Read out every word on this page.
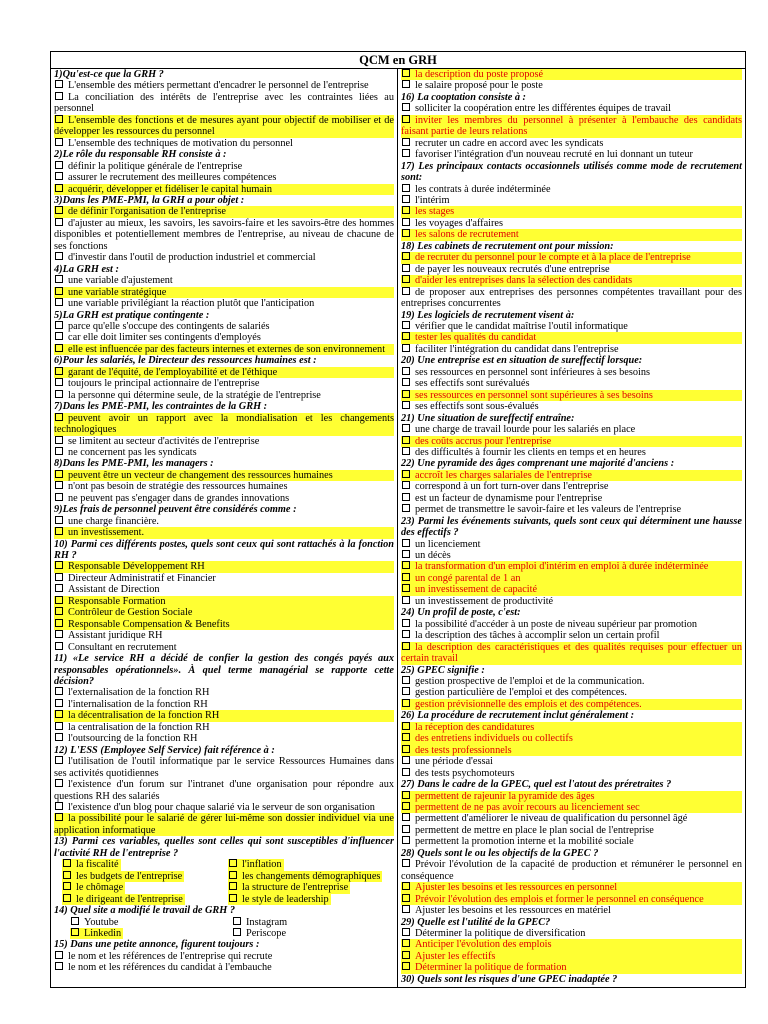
QCM en GRH
1)Qu'est-ce que la GRH ?
L'ensemble des métiers permettant d'encadrer le personnel de l'entreprise
La conciliation des intérêts de l'entreprise avec les contraintes liées au personnel
L'ensemble des fonctions et de mesures ayant pour objectif de mobiliser et de développer les ressources du personnel
L'ensemble des techniques de motivation du personnel
2)Le rôle du responsable RH consiste à :
définir la politique générale de l'entreprise
assurer le recrutement des meilleures compétences
acquérir, développer et fidéliser le capital humain
3)Dans les PME-PMI, la GRH a pour objet :
de définir l'organisation de l'entreprise
d'ajuster au mieux, les savoirs, les savoirs-faire et les savoirs-être des hommes disponibles et potentiellement membres de l'entreprise, au niveau de chacune de ses fonctions
d'investir dans l'outil de production industriel et commercial
4)La GRH est :
une variable d'ajustement
une variable stratégique
une variable privilégiant la réaction plutôt que l'anticipation
5)La GRH est pratique contingente :
parce qu'elle s'occupe des contingents de salariés
car elle doit limiter ses contingents d'employés
elle est influencée par des facteurs internes et externes de son environnement
6)Pour les salariés, le Directeur des ressources humaines est :
garant de l'équité, de l'employabilité et de l'éthique
toujours le principal actionnaire de l'entreprise
la personne qui détermine seule, de la stratégie de l'entreprise
7)Dans les PME-PMI, les contraintes de la GRH :
peuvent avoir un rapport avec la mondialisation et les changements technologiques
se limitent au secteur d'activités de l'entreprise
ne concernent pas les syndicats
8)Dans les PME-PMI, les managers :
peuvent être un vecteur de changement des ressources humaines
n'ont pas besoin de stratégie des ressources humaines
ne peuvent pas s'engager dans de grandes innovations
9)Les frais de personnel peuvent être considérés comme :
une charge financière.
un investissement.
10) Parmi ces différents postes, quels sont ceux qui sont rattachés à la fonction RH ?
Responsable Développement RH
Directeur Administratif et Financier
Assistant de Direction
Responsable Formation
Contrôleur de Gestion Sociale
Responsable Compensation & Benefits
Assistant juridique RH
Consultant en recrutement
11) «Le service RH a décidé de confier la gestion des congés payés aux responsables opérationnels». À quel terme managérial se rapporte cette décision?
l'externalisation de la fonction RH
l'internalisation de la fonction RH
la décentralisation de la fonction RH
la centralisation de la fonction RH
l'outsourcing de la fonction RH
12) L'ESS (Employee Self Service) fait référence à :
l'utilisation de l'outil informatique par le service Ressources Humaines dans ses activités quotidiennes
l'existence d'un forum sur l'intranet d'une organisation pour répondre aux questions RH des salariés
l'existence d'un blog pour chaque salarié via le serveur de son organisation
la possibilité pour le salarié de gérer lui-même son dossier individuel via une application informatique
13) Parmi ces variables, quelles sont celles qui sont susceptibles d'influencer l'activité RH de l'entreprise ?
la fiscalité	l'inflation
les budgets de l'entreprise	les changements démographiques
le chômage	la structure de l'entreprise
le dirigeant de l'entreprise	le style de leadership
14) Quel site a modifié le travail de GRH ?
Youtube	Instagram
Linkedin	Periscope
15) Dans une petite annonce, figurent toujours :
le nom et les références de l'entreprise qui recrute
le nom et les références du candidat à l'embauche
la description du poste proposé
le salaire proposé pour le poste
16) La cooptation consiste à :
solliciter la coopération entre les différentes équipes de travail
inviter les membres du personnel à présenter à l'embauche des candidats faisant partie de leurs relations
recruter un cadre en accord avec les syndicats
favoriser l'intégration d'un nouveau recruté en lui donnant un tuteur
17) Les principaux contacts occasionnels utilisés comme mode de recrutement sont:
les contrats à durée indéterminée
l'intérim
les stages
les voyages d'affaires
les salons de recrutement
18) Les cabinets de recrutement ont pour mission:
de recruter du personnel pour le compte et à la place de l'entreprise
de payer les nouveaux recrutés d'une entreprise
d'aider les entreprises dans la sélection des candidats
de proposer aux entreprises des personnes compétentes travaillant pour des entreprises concurrentes
19) Les logiciels de recrutement visent à:
vérifier que le candidat maîtrise l'outil informatique
tester les qualités du candidat
faciliter l'intégration du candidat dans l'entreprise
20) Une entreprise est en situation de sureffectif lorsque:
ses ressources en personnel sont inférieures à ses besoins
ses effectifs sont surévalués
ses ressources en personnel sont supérieures à ses besoins
ses effectifs sont sous-évalués
21) Une situation de sureffectif entraîne:
une charge de travail lourde pour les salariés en place
des coûts accrus pour l'entreprise
des difficultés à fournir les clients en temps et en heures
22) Une pyramide des âges comprenant une majorité d'anciens :
accroît les charges salariales de l'entreprise
correspond à un fort turn-over dans l'entreprise
est un facteur de dynamisme pour l'entreprise
permet de transmettre le savoir-faire et les valeurs de l'entreprise
23) Parmi les événements suivants, quels sont ceux qui déterminent une hausse des effectifs ?
un licenciement
un décès
la transformation d'un emploi d'intérim en emploi à durée indéterminée
un congé parental de 1 an
un investissement de capacité
un investissement de productivité
24) Un profil de poste, c'est:
la possibilité d'accéder à un poste de niveau supérieur par promotion
la description des tâches à accomplir selon un certain profil
la description des caractéristiques et des qualités requises pour effectuer un certain travail
25) GPEC signifie :
gestion prospective de l'emploi et de la communication.
gestion particulière de l'emploi et des compétences.
gestion prévisionnelle des emplois et des compétences.
26) La procédure de recrutement inclut généralement :
la réception des candidatures
des entretiens individuels ou collectifs
des tests professionnels
une période d'essai
des tests psychomoteurs
27) Dans le cadre de la GPEC, quel est l'atout des préretraites ?
permettent de rajeunir la pyramide des âges
permettent de ne pas avoir recours au licenciement sec
permettent d'améliorer le niveau de qualification du personnel âgé
permettent de mettre en place le plan social de l'entreprise
permettent la promotion interne et la mobilité sociale
28) Quels sont le ou les objectifs de la GPEC ?
Prévoir l'évolution de la capacité de production et rémunérer le personnel en conséquence
Ajuster les besoins et les ressources en personnel
Prévoir l'évolution des emplois et former le personnel en conséquence
Ajuster les besoins et les ressources en matériel
29) Quelle est l'utilité de la GPEC?
Déterminer la politique de diversification
Anticiper l'évolution des emplois
Ajuster les effectifs
Déterminer la politique de formation
30) Quels sont les risques d'une GPEC inadaptée ?
